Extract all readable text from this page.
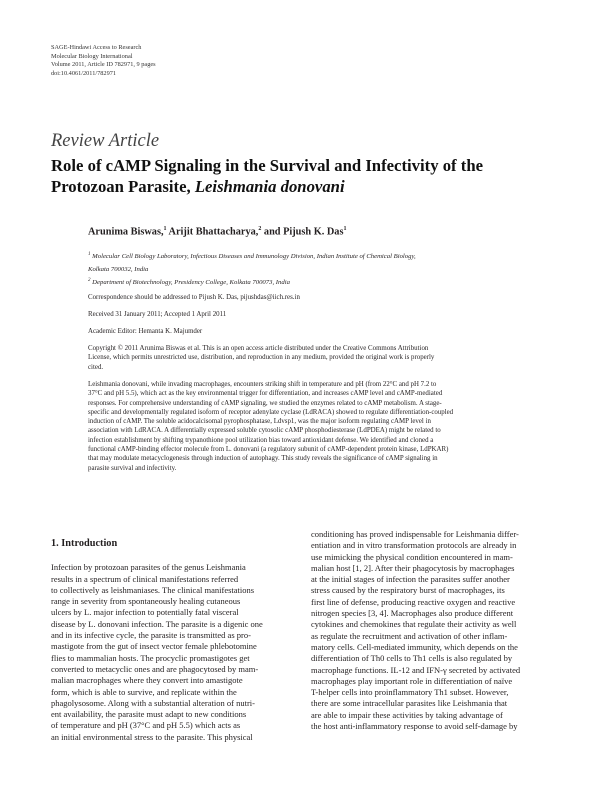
SAGE-Hindawi Access to Research
Molecular Biology International
Volume 2011, Article ID 782971, 9 pages
doi:10.4061/2011/782971
Review Article
Role of cAMP Signaling in the Survival and Infectivity of the
Protozoan Parasite, Leishmania donovani
Arunima Biswas,$^1$ Arijit Bhattacharya,$^2$ and Pijush K. Das$^1$
$^1$ Molecular Cell Biology Laboratory, Infectious Diseases and Immunology Division, Indian Institute of Chemical Biology,
Kolkata 700032, India
$^2$ Department of Biotechnology, Presidency College, Kolkata 700073, India
Correspondence should be addressed to Pijush K. Das, pijushdas@iich.res.in
Received 31 January 2011; Accepted 1 April 2011
Academic Editor: Hemanta K. Majumder
Copyright © 2011 Arunima Biswas et al. This is an open access article distributed under the Creative Commons Attribution
License, which permits unrestricted use, distribution, and reproduction in any medium, provided the original work is properly
cited.
Leishmania donovani, while invading macrophages, encounters striking shift in temperature and pH (from 22°C and pH 7.2 to
37°C and pH 5.5), which act as the key environmental trigger for differentiation, and increases cAMP level and cAMP-mediated
responses. For comprehensive understanding of cAMP signaling, we studied the enzymes related to cAMP metabolism. A stage-
specific and developmentally regulated isoform of receptor adenylate cyclase (LdRACA) showed to regulate differentiation-coupled
induction of cAMP. The soluble acidocalcisomal pyrophosphatase, Ldvsp1, was the major isoform regulating cAMP level in
association with LdRACA. A differentially expressed soluble cytosolic cAMP phosphodiesterase (LdPDEA) might be related to
infection establishment by shifting trypanothione pool utilization bias toward antioxidant defense. We identified and cloned a
functional cAMP-binding effector molecule from L. donovani (a regulatory subunit of cAMP-dependent protein kinase, LdPKAR)
that may modulate metacyclogenesis through induction of autophagy. This study reveals the significance of cAMP signaling in
parasite survival and infectivity.
1. Introduction
Infection by protozoan parasites of the genus Leishmania
results in a spectrum of clinical manifestations referred
to collectively as leishmaniases. The clinical manifestations
range in severity from spontaneously healing cutaneous
ulcers by L. major infection to potentially fatal visceral
disease by L. donovani infection. The parasite is a digenic one
and in its infective cycle, the parasite is transmitted as pro-
mastigote from the gut of insect vector female phlebotomine
flies to mammalian hosts. The procyclic promastigotes get
converted to metacyclic ones and are phagocytosed by mam-
malian macrophages where they convert into amastigote
form, which is able to survive, and replicate within the
phagolysosome. Along with a substantial alteration of nutri-
ent availability, the parasite must adapt to new conditions
of temperature and pH (37°C and pH 5.5) which acts as
an initial environmental stress to the parasite. This physical
conditioning has proved indispensable for Leishmania differ-
entiation and in vitro transformation protocols are already in
use mimicking the physical condition encountered in mam-
malian host [1, 2]. After their phagocytosis by macrophages
at the initial stages of infection the parasites suffer another
stress caused by the respiratory burst of macrophages, its
first line of defense, producing reactive oxygen and reactive
nitrogen species [3, 4]. Macrophages also produce different
cytokines and chemokines that regulate their activity as well
as regulate the recruitment and activation of other inflam-
matory cells. Cell-mediated immunity, which depends on the
differentiation of Th0 cells to Th1 cells is also regulated by
macrophage functions. IL-12 and IFN-γ secreted by activated
macrophages play important role in differentiation of naïve
T-helper cells into proinflammatory Th1 subset. However,
there are some intracellular parasites like Leishmania that
are able to impair these activities by taking advantage of
the host anti-inflammatory response to avoid self-damage by
